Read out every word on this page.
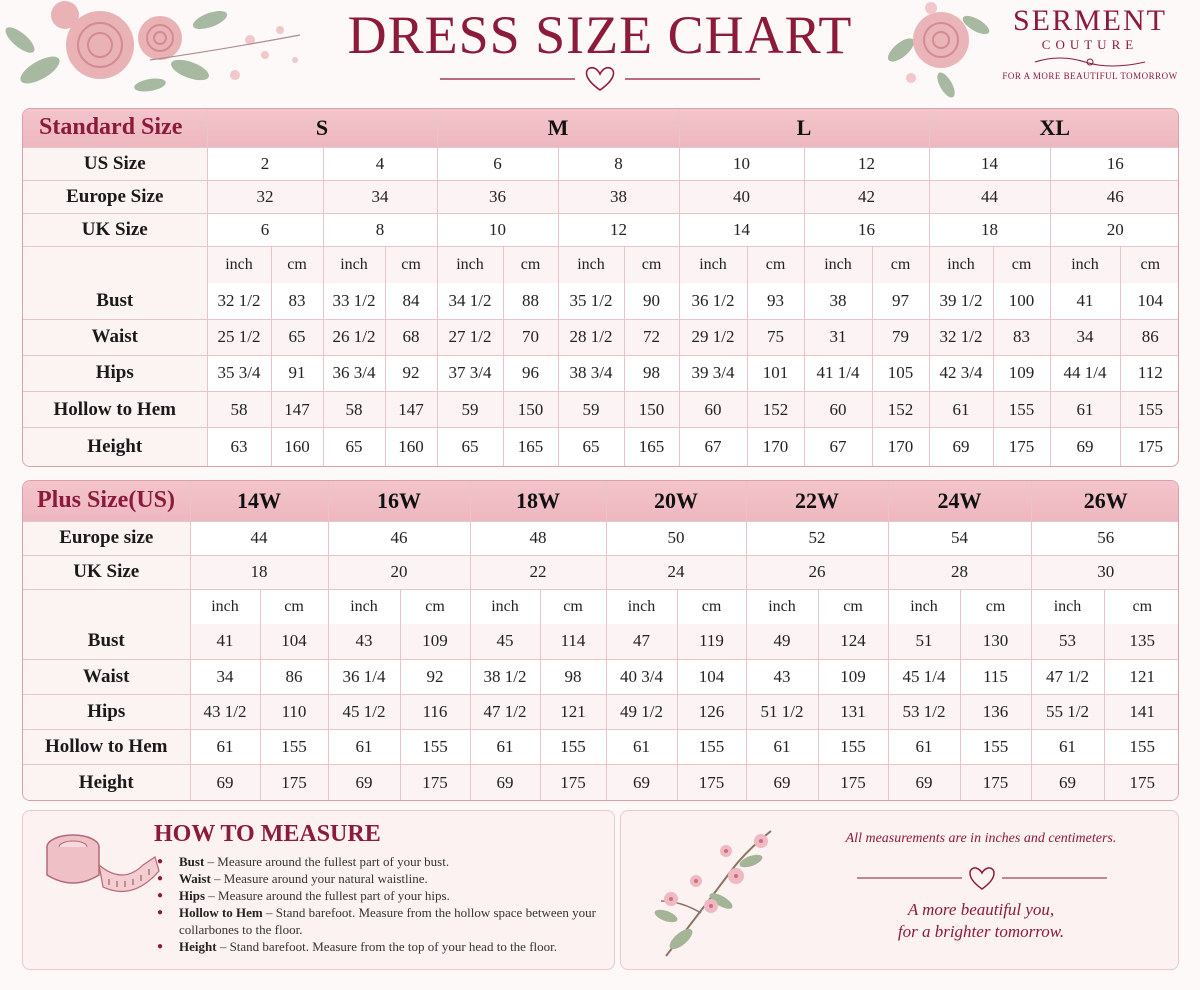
DRESS SIZE CHART	SERMENT
COUTURE
FOR A MORE BEAUTIFUL TOMORROW
Standard Size	S				M				L				XL			
US Size	2		4		6		8		10		12		14		16	
Europe Size	32		34		36		38		40		42		44		46	
UK Size	6		8		10		12		14		16		18		20	
	inch	cm	inch	cm	inch	cm	inch	cm	inch	cm	inch	cm	inch	cm	inch	cm
Bust	32 1/2	83	33 1/2	84	34 1/2	88	35 1/2	90	36 1/2	93	38	97	39 1/2	100	41	104
Waist	25 1/2	65	26 1/2	68	27 1/2	70	28 1/2	72	29 1/2	75	31	79	32 1/2	83	34	86
Hips	35 3/4	91	36 3/4	92	37 3/4	96	38 3/4	98	39 3/4	101	41 1/4	105	42 3/4	109	44 1/4	112
Hollow to Hem	58	147	58	147	59	150	59	150	60	152	60	152	61	155	61	155
Height	63	160	65	160	65	165	65	165	67	170	67	170	69	175	69	175
Plus Size(US)	14W		16W		18W		20W		22W		24W		26W	
Europe size	44		46		48		50		52		54		56	
UK Size	18		20		22		24		26		28		30	
	inch	cm	inch	cm	inch	cm	inch	cm	inch	cm	inch	cm	inch	cm
Bust	41	104	43	109	45	114	47	119	49	124	51	130	53	135
Waist	34	86	36 1/4	92	38 1/2	98	40 3/4	104	43	109	45 1/4	115	47 1/2	121
Hips	43 1/2	110	45 1/2	116	47 1/2	121	49 1/2	126	51 1/2	131	53 1/2	136	55 1/2	141
Hollow to Hem	61	155	61	155	61	155	61	155	61	155	61	155	61	155
Height	69	175	69	175	69	175	69	175	69	175	69	175	69	175
HOW TO MEASURE
● Bust – Measure around the fullest part of your bust.
● Waist – Measure around your natural waistline.
● Hips – Measure around the fullest part of your hips.
● Hollow to Hem – Stand barefoot. Measure from the hollow space between your collarbones to the floor.
● Height – Stand barefoot. Measure from the top of your head to the floor.
All measurements are in inches and centimeters.
A more beautiful you,
for a brighter tomorrow.
